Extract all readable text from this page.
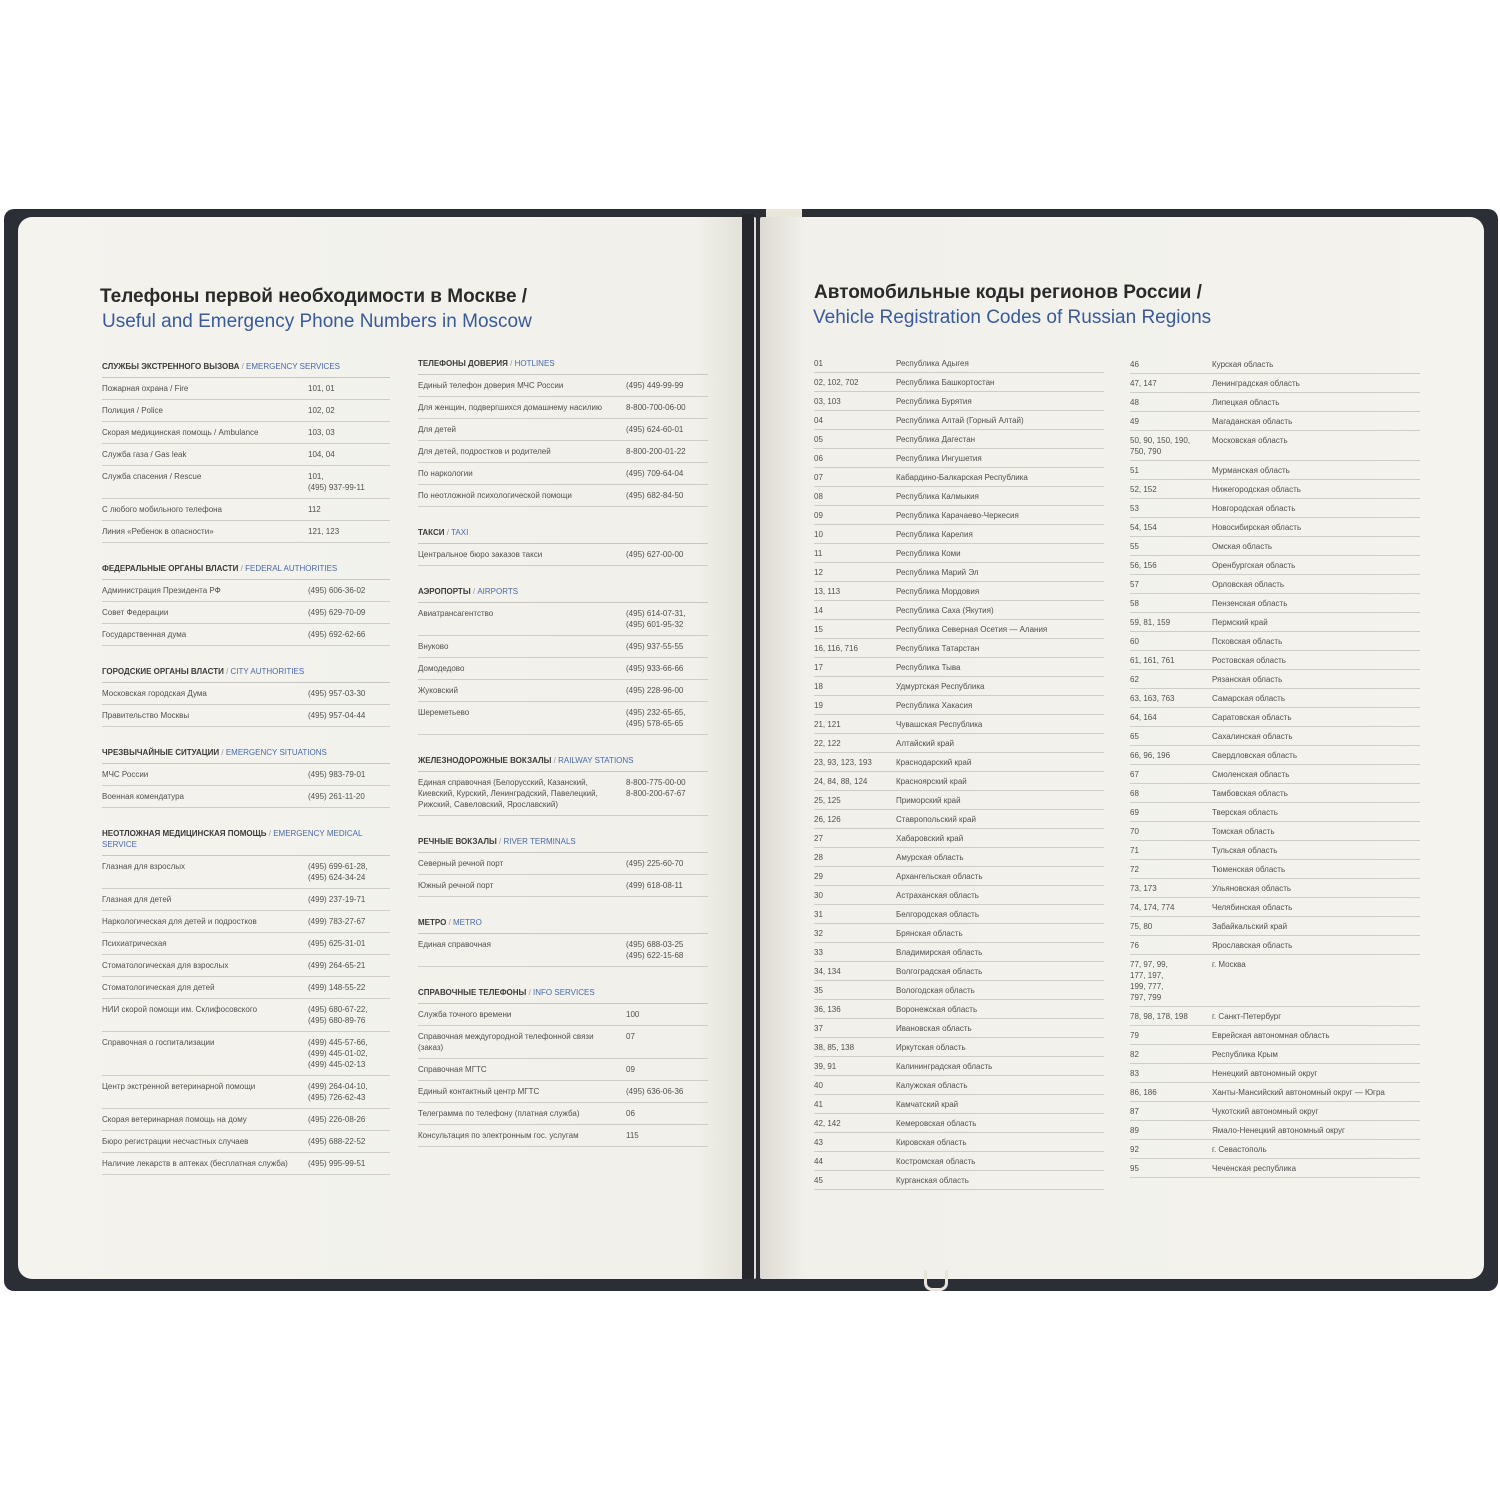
Телефоны первой необходимости в Москве /
Useful and Emergency Phone Numbers in Moscow
Автомобильные коды регионов России /
Vehicle Registration Codes of Russian Regions
СЛУЖБЫ ЭКСТРЕННОГО ВЫЗОВА / EMERGENCY SERVICES
Пожарная охрана / Fire	101, 01
Полиция / Police	102, 02
Скорая медицинская помощь / Ambulance	103, 03
Служба газа / Gas leak	104, 04
Служба спасения / Rescue	101,
(495) 937-99-11
С любого мобильного телефона	112
Линия «Ребенок в опасности»	121, 123
ФЕДЕРАЛЬНЫЕ ОРГАНЫ ВЛАСТИ / FEDERAL AUTHORITIES
Администрация Президента РФ	(495) 606-36-02
Совет Федерации	(495) 629-70-09
Государственная дума	(495) 692-62-66
ГОРОДСКИЕ ОРГАНЫ ВЛАСТИ / CITY AUTHORITIES
Московская городская Дума	(495) 957-03-30
Правительство Москвы	(495) 957-04-44
ЧРЕЗВЫЧАЙНЫЕ СИТУАЦИИ / EMERGENCY SITUATIONS
МЧС России	(495) 983-79-01
Военная комендатура	(495) 261-11-20
НЕОТЛОЖНАЯ МЕДИЦИНСКАЯ ПОМОЩЬ / EMERGENCY MEDICAL SERVICE
Глазная для взрослых	(495) 699-61-28,
(495) 624-34-24
Глазная для детей	(499) 237-19-71
Наркологическая для детей и подростков	(499) 783-27-67
Психиатрическая	(495) 625-31-01
Стоматологическая для взрослых	(499) 264-65-21
Стоматологическая для детей	(499) 148-55-22
НИИ скорой помощи им. Склифосовского	(495) 680-67-22,
(495) 680-89-76
Справочная о госпитализации	(499) 445-57-66,
(499) 445-01-02,
(499) 445-02-13
Центр экстренной ветеринарной помощи	(499) 264-04-10,
(495) 726-62-43
Скорая ветеринарная помощь на дому	(495) 226-08-26
Бюро регистрации несчастных случаев	(495) 688-22-52
Наличие лекарств в аптеках (бесплатная служба)	(495) 995-99-51
ТЕЛЕФОНЫ ДОВЕРИЯ / HOTLINES
Единый телефон доверия МЧС России	(495) 449-99-99
Для женщин, подвергшихся домашнему насилию	8-800-700-06-00
Для детей	(495) 624-60-01
Для детей, подростков и родителей	8-800-200-01-22
По наркологии	(495) 709-64-04
По неотложной психологической помощи	(495) 682-84-50
ТАКСИ / TAXI
Центральное бюро заказов такси	(495) 627-00-00
АЭРОПОРТЫ / AIRPORTS
Авиатрансагентство	(495) 614-07-31,
(495) 601-95-32
Внуково	(495) 937-55-55
Домодедово	(495) 933-66-66
Жуковский	(495) 228-96-00
Шереметьево	(495) 232-65-65,
(495) 578-65-65
ЖЕЛЕЗНОДОРОЖНЫЕ ВОКЗАЛЫ / RAILWAY STATIONS
Единая справочная (Белорусский, Казанский, Киевский, Курский, Ленинградский, Павелецкий, Рижский, Савеловский, Ярославский)
8-800-775-00-00
8-800-200-67-67
РЕЧНЫЕ ВОКЗАЛЫ / RIVER TERMINALS
Северный речной порт	(495) 225-60-70
Южный речной порт	(499) 618-08-11
МЕТРО / METRO
Единая справочная	(495) 688-03-25
(495) 622-15-68
СПРАВОЧНЫЕ ТЕЛЕФОНЫ / INFO SERVICES
Служба точного времени	100
Справочная междугородной телефонной связи (заказ)
07
Справочная МГТС	09
Единый контактный центр МГТС	(495) 636-06-36
Телеграмма по телефону (платная служба)	06
Консультация по электронным гос. услугам	115
01	Республика Адыгея
02, 102, 702	Республика Башкортостан
03, 103	Республика Бурятия
04	Республика Алтай (Горный Алтай)
05	Республика Дагестан
06	Республика Ингушетия
07	Кабардино-Балкарская Республика
08	Республика Калмыкия
09	Республика Карачаево-Черкесия
10	Республика Карелия
11	Республика Коми
12	Республика Марий Эл
13, 113	Республика Мордовия
14	Республика Саха (Якутия)
15	Республика Северная Осетия — Алания
16, 116, 716	Республика Татарстан
17	Республика Тыва
18	Удмуртская Республика
19	Республика Хакасия
21, 121	Чувашская Республика
22, 122	Алтайский край
23, 93, 123, 193	Краснодарский край
24, 84, 88, 124	Красноярский край
25, 125	Приморский край
26, 126	Ставропольский край
27	Хабаровский край
28	Амурская область
29	Архангельская область
30	Астраханская область
31	Белгородская область
32	Брянская область
33	Владимирская область
34, 134	Волгоградская область
35	Вологодская область
36, 136	Воронежская область
37	Ивановская область
38, 85, 138	Иркутская область
39, 91	Калининградская область
40	Калужская область
41	Камчатский край
42, 142	Кемеровская область
43	Кировская область
44	Костромская область
45	Курганская область
46	Курская область
47, 147	Ленинградская область
48	Липецкая область
49	Магаданская область
50, 90, 150, 190,
750, 790
Московская область
51	Мурманская область
52, 152	Нижегородская область
53	Новгородская область
54, 154	Новосибирская область
55	Омская область
56, 156	Оренбургская область
57	Орловская область
58	Пензенская область
59, 81, 159	Пермский край
60	Псковская область
61, 161, 761	Ростовская область
62	Рязанская область
63, 163, 763	Самарская область
64, 164	Саратовская область
65	Сахалинская область
66, 96, 196	Свердловская область
67	Смоленская область
68	Тамбовская область
69	Тверская область
70	Томская область
71	Тульская область
72	Тюменская область
73, 173	Ульяновская область
74, 174, 774	Челябинская область
75, 80	Забайкальский край
76	Ярославская область
77, 97, 99,
177, 197,
199, 777,
797, 799
г. Москва
78, 98, 178, 198	г. Санкт-Петербург
79	Еврейская автономная область
82	Республика Крым
83	Ненецкий автономный округ
86, 186	Ханты-Мансийский автономный округ — Югра
87	Чукотский автономный округ
89	Ямало-Ненецкий автономный округ
92	г. Севастополь
95	Чеченская республика
